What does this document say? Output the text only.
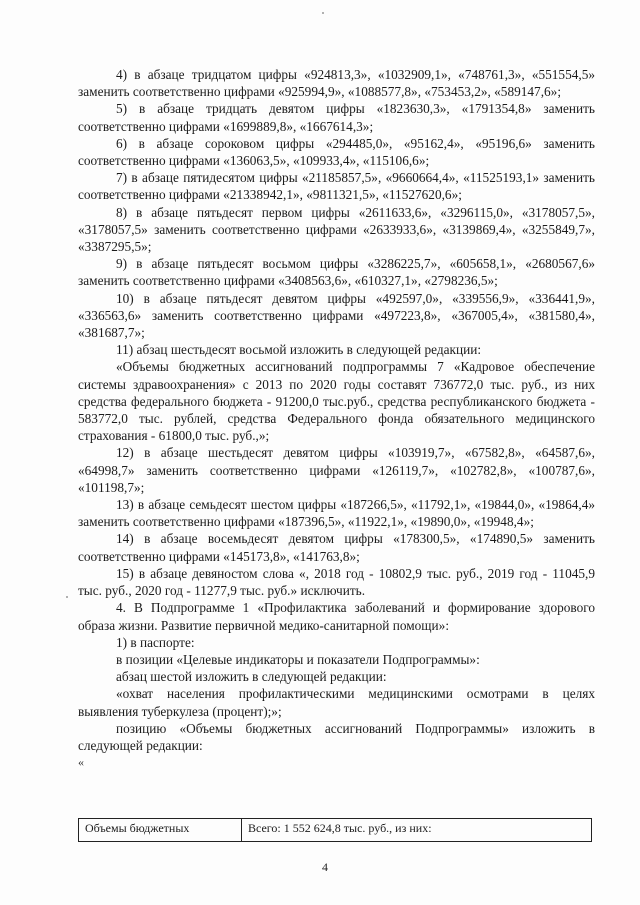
4) в абзаце тридцатом цифры «924813,3», «1032909,1», «748761,3», «551554,5» заменить соответственно цифрами «925994,9», «1088577,8», «753453,2», «589147,6»;

5) в абзаце тридцать девятом цифры «1823630,3», «1791354,8» заменить соответственно цифрами «1699889,8», «1667614,3»;

6) в абзаце сороковом цифры «294485,0», «95162,4», «95196,6» заменить соответственно цифрами «136063,5», «109933,4», «115106,6»;

7) в абзаце пятидесятом цифры «21185857,5», «9660664,4», «11525193,1» заменить соответственно цифрами «21338942,1», «9811321,5», «11527620,6»;

8) в абзаце пятьдесят первом цифры «2611633,6», «3296115,0», «3178057,5», «3178057,5» заменить соответственно цифрами «2633933,6», «3139869,4», «3255849,7», «3387295,5»;

9) в абзаце пятьдесят восьмом цифры «3286225,7», «605658,1», «2680567,6» заменить соответственно цифрами «3408563,6», «610327,1», «2798236,5»;

10) в абзаце пятьдесят девятом цифры «492597,0», «339556,9», «336441,9», «336563,6» заменить соответственно цифрами «497223,8», «367005,4», «381580,4», «381687,7»;

11) абзац шестьдесят восьмой изложить в следующей редакции:

«Объемы бюджетных ассигнований подпрограммы 7 «Кадровое обеспечение системы здравоохранения» с 2013 по 2020 годы составят 736772,0 тыс. руб., из них средства федерального бюджета - 91200,0 тыс.руб., средства республиканского бюджета - 583772,0 тыс. рублей, средства Федерального фонда обязательного медицинского страхования - 61800,0 тыс. руб.,»;

12) в абзаце шестьдесят девятом цифры «103919,7», «67582,8», «64587,6», «64998,7» заменить соответственно цифрами «126119,7», «102782,8», «100787,6», «101198,7»;

13) в абзаце семьдесят шестом цифры «187266,5», «11792,1», «19844,0», «19864,4» заменить соответственно цифрами «187396,5», «11922,1», «19890,0», «19948,4»;

14) в абзаце восемьдесят девятом цифры «178300,5», «174890,5» заменить соответственно цифрами «145173,8», «141763,8»;

15) в абзаце девяностом слова «, 2018 год - 10802,9 тыс. руб., 2019 год - 11045,9 тыс. руб., 2020 год - 11277,9 тыс. руб.» исключить.

4. В Подпрограмме 1 «Профилактика заболеваний и формирование здорового образа жизни. Развитие первичной медико-санитарной помощи»:

1) в паспорте:

в позиции «Целевые индикаторы и показатели Подпрограммы»:

абзац шестой изложить в следующей редакции:

«охват населения профилактическими медицинскими осмотрами в целях выявления туберкулеза (процент);»;

позицию «Объемы бюджетных ассигнований Подпрограммы» изложить в следующей редакции:

«
Объемы бюджетных	Всего: 1 552 624,8 тыс. руб., из них:
4
